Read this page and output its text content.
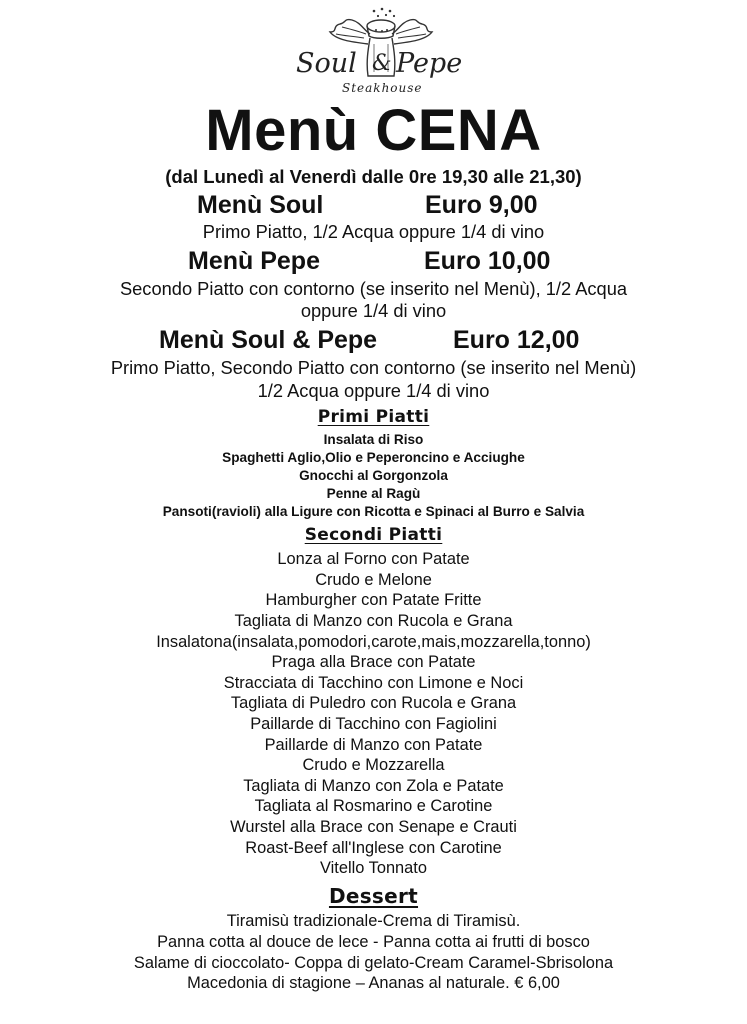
Soul & Pepe
Steakhouse
Menù CENA
(dal Lunedì al Venerdì dalle 0re 19,30 alle 21,30)
Menù Soul	Euro 9,00
Primo Piatto, 1/2 Acqua oppure 1/4 di vino
Menù Pepe	Euro 10,00
Secondo Piatto con contorno (se inserito nel Menù), 1/2 Acqua
oppure 1/4 di vino
Menù Soul & Pepe	Euro 12,00
Primo Piatto, Secondo Piatto con contorno (se inserito nel Menù)
1/2 Acqua oppure 1/4 di vino
Primi Piatti
Insalata di Riso
Spaghetti Aglio,Olio e Peperoncino e Acciughe
Gnocchi al Gorgonzola
Penne al Ragù
Pansoti(ravioli) alla Ligure con Ricotta e Spinaci al Burro e Salvia
Secondi Piatti
Lonza al Forno con Patate
Crudo e Melone
Hamburgher con Patate Fritte
Tagliata di Manzo con Rucola e Grana
Insalatona(insalata,pomodori,carote,mais,mozzarella,tonno)
Praga alla Brace con Patate
Stracciata di Tacchino con Limone e Noci
Tagliata di Puledro con Rucola e Grana
Paillarde di Tacchino con Fagiolini
Paillarde di Manzo con Patate
Crudo e Mozzarella
Tagliata di Manzo con Zola e Patate
Tagliata al Rosmarino e Carotine
Wurstel alla Brace con Senape e Crauti
Roast-Beef all'Inglese con Carotine
Vitello Tonnato
Dessert
Tiramisù tradizionale-Crema di Tiramisù.
Panna cotta al douce de lece - Panna cotta ai frutti di bosco
Salame di cioccolato- Coppa di gelato-Cream Caramel-Sbrisolona
Macedonia di stagione – Ananas al naturale. € 6,00
